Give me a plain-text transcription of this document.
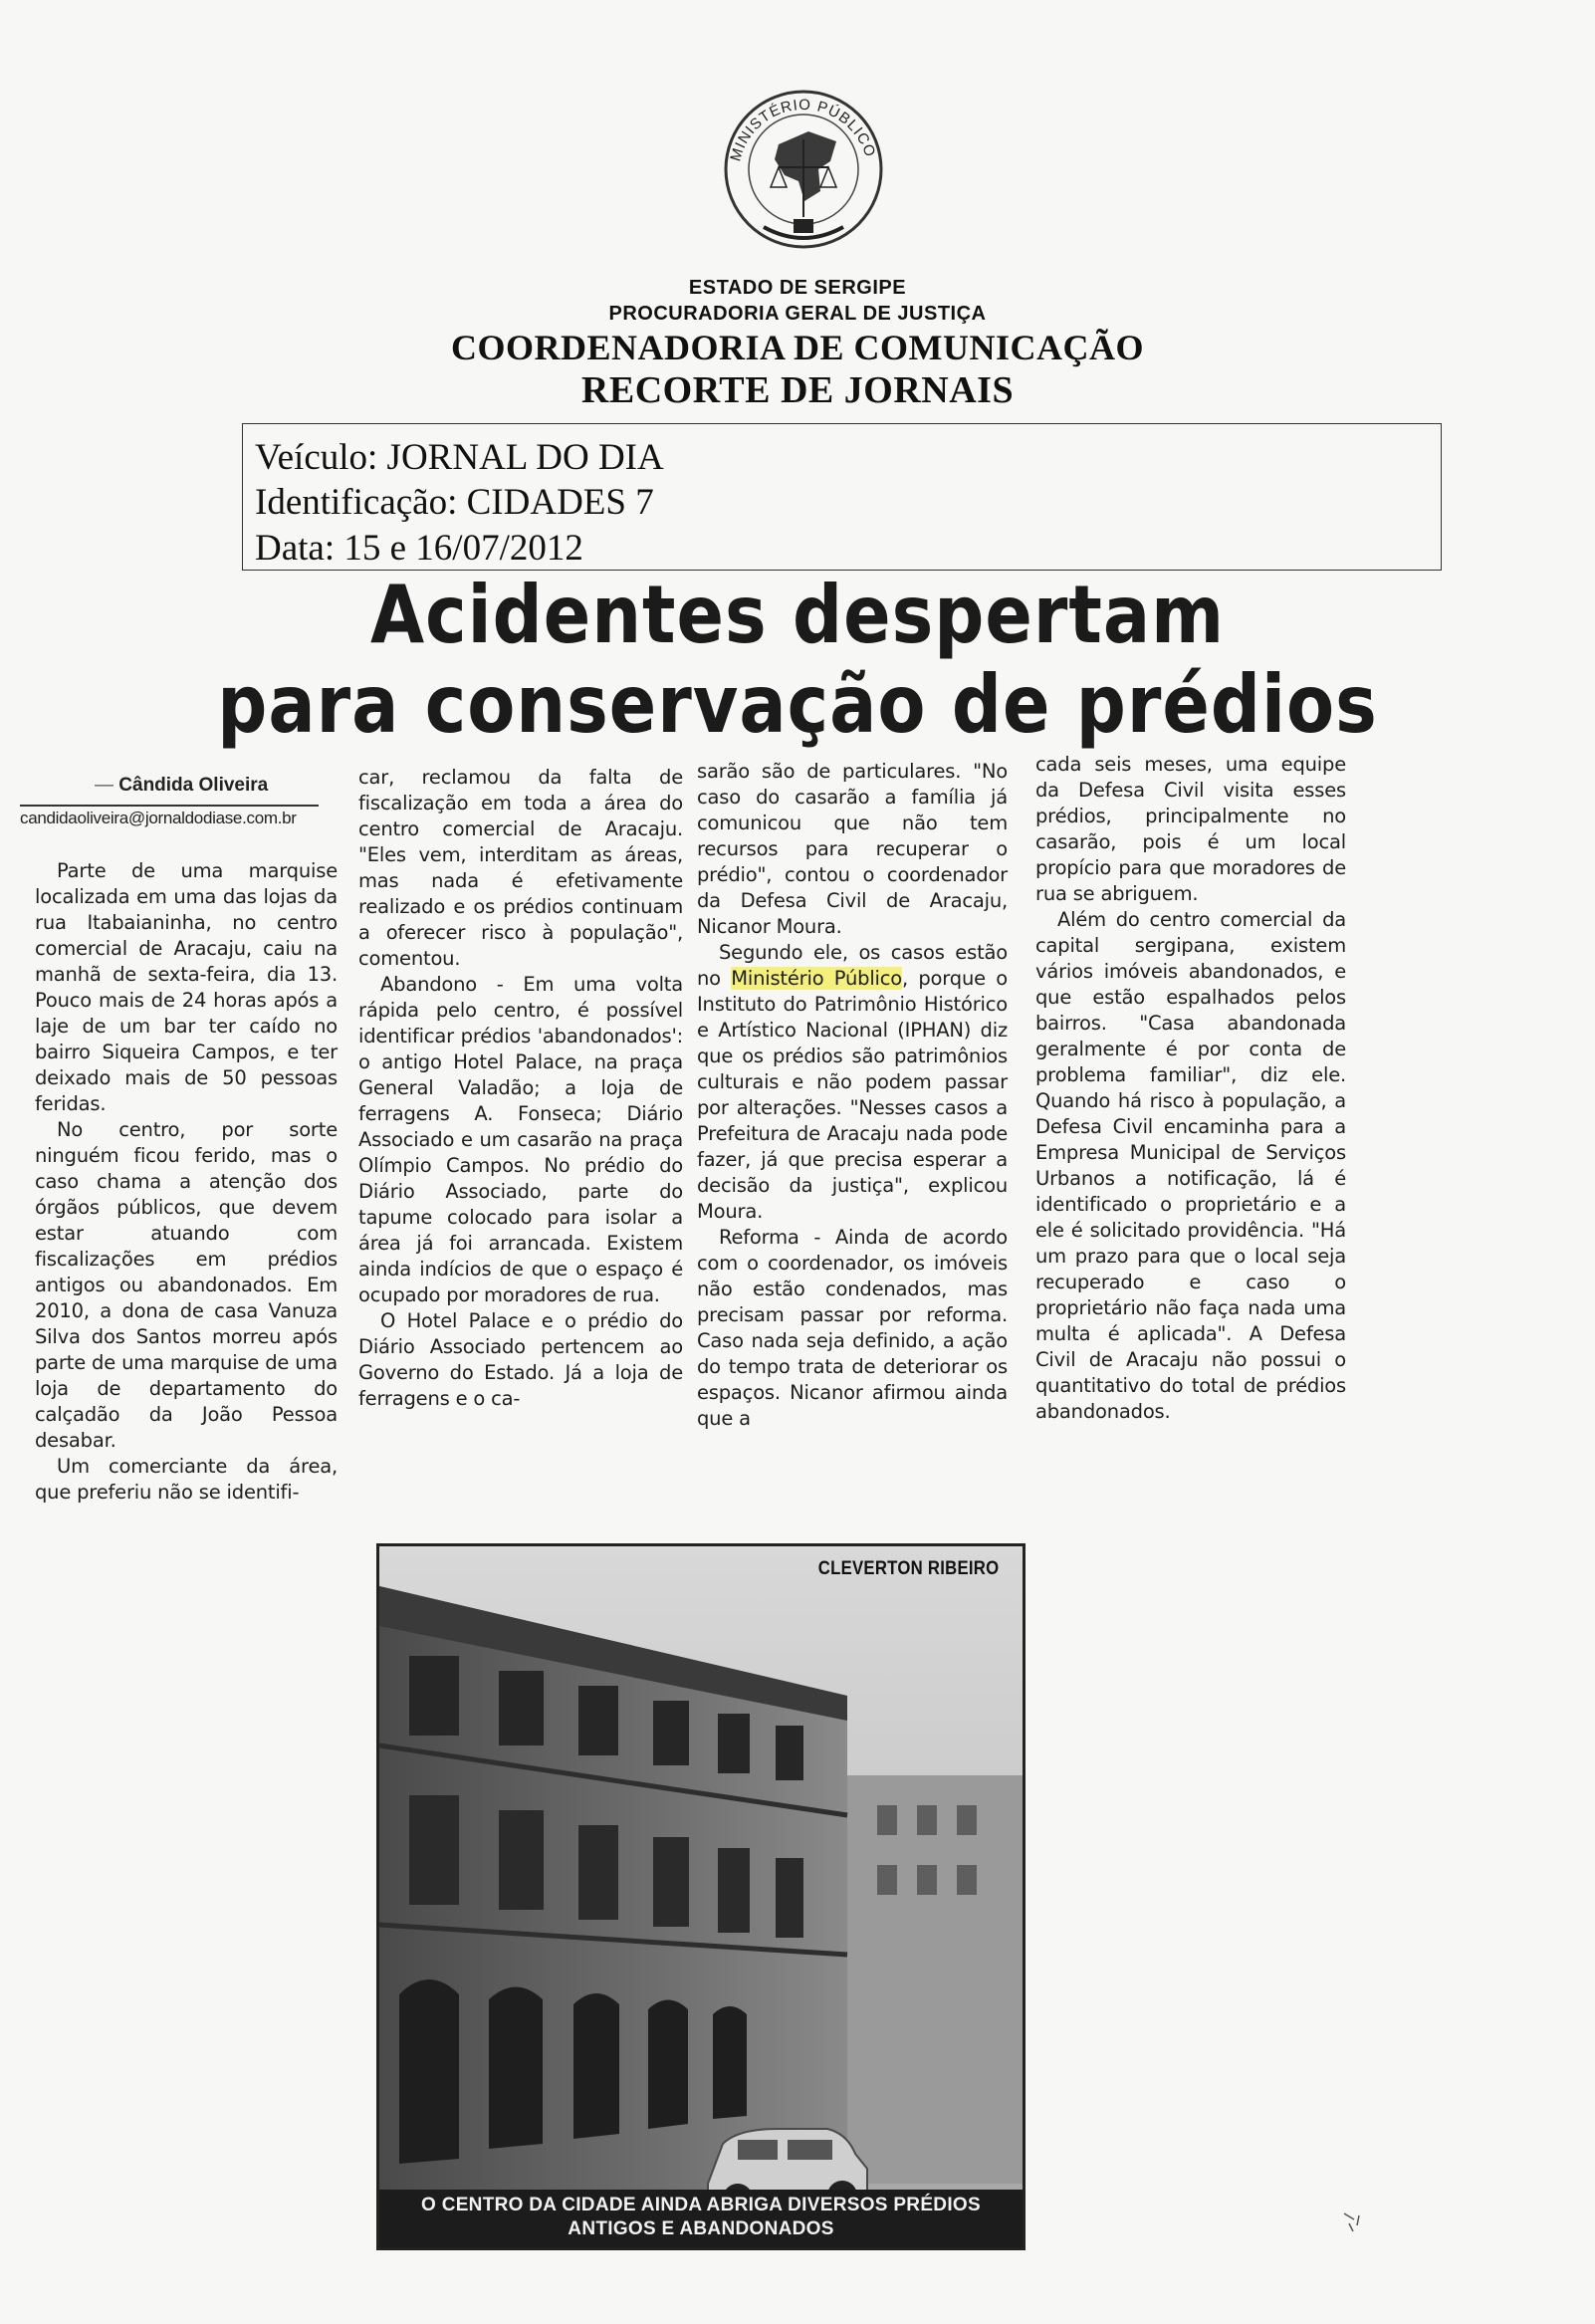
MINISTÉRIO PÚBLICO
ESTADO DE SERGIPE
PROCURADORIA GERAL DE JUSTIÇA
COORDENADORIA DE COMUNICAÇÃO
RECORTE DE JORNAIS
Veículo: JORNAL DO DIA
Identificação: CIDADES 7
Data: 15 e 16/07/2012
Acidentes despertam
para conservação de prédios
— Cândida Oliveira
candidaoliveira@jornaldodiase.com.br

Parte de uma marquise localizada em uma das lojas da rua Itabaianinha, no centro comercial de Aracaju, caiu na manhã de sexta-feira, dia 13. Pouco mais de 24 horas após a laje de um bar ter caído no bairro Siqueira Campos, e ter deixado mais de 50 pessoas feridas.

No centro, por sorte ninguém ficou ferido, mas o caso chama a atenção dos órgãos públicos, que devem estar atuando com fiscalizações em prédios antigos ou abandonados. Em 2010, a dona de casa Vanuza Silva dos Santos morreu após parte de uma marquise de uma loja de departamento do calçadão da João Pessoa desabar.

Um comerciante da área, que preferiu não se identifi-

car, reclamou da falta de fiscalização em toda a área do centro comercial de Aracaju. "Eles vem, interditam as áreas, mas nada é efetivamente realizado e os prédios continuam a oferecer risco à população", comentou.

Abandono - Em uma volta rápida pelo centro, é possível identificar prédios 'abandonados': o antigo Hotel Palace, na praça General Valadão; a loja de ferragens A. Fonseca; Diário Associado e um casarão na praça Olímpio Campos. No prédio do Diário Associado, parte do tapume colocado para isolar a área já foi arrancada. Existem ainda indícios de que o espaço é ocupado por moradores de rua.

O Hotel Palace e o prédio do Diário Associado pertencem ao Governo do Estado. Já a loja de ferragens e o ca-

sarão são de particulares. "No caso do casarão a família já comunicou que não tem recursos para recuperar o prédio", contou o coordenador da Defesa Civil de Aracaju, Nicanor Moura.

Segundo ele, os casos estão no Ministério Público, porque o Instituto do Patrimônio Histórico e Artístico Nacional (IPHAN) diz que os prédios são patrimônios culturais e não podem passar por alterações. "Nesses casos a Prefeitura de Aracaju nada pode fazer, já que precisa esperar a decisão da justiça", explicou Moura.

Reforma - Ainda de acordo com o coordenador, os imóveis não estão condenados, mas precisam passar por reforma. Caso nada seja definido, a ação do tempo trata de deteriorar os espaços. Nicanor afirmou ainda que a

cada seis meses, uma equipe da Defesa Civil visita esses prédios, principalmente no casarão, pois é um local propício para que moradores de rua se abriguem.

Além do centro comercial da capital sergipana, existem vários imóveis abandonados, e que estão espalhados pelos bairros. "Casa abandonada geralmente é por conta de problema familiar", diz ele. Quando há risco à população, a Defesa Civil encaminha para a Empresa Municipal de Serviços Urbanos a notificação, lá é identificado o proprietário e a ele é solicitado providência. "Há um prazo para que o local seja recuperado e caso o proprietário não faça nada uma multa é aplicada". A Defesa Civil de Aracaju não possui o quantitativo do total de prédios abandonados.

CLEVERTON RIBEIRO
O CENTRO DA CIDADE AINDA ABRIGA DIVERSOS PRÉDIOS
ANTIGOS E ABANDONADOS
